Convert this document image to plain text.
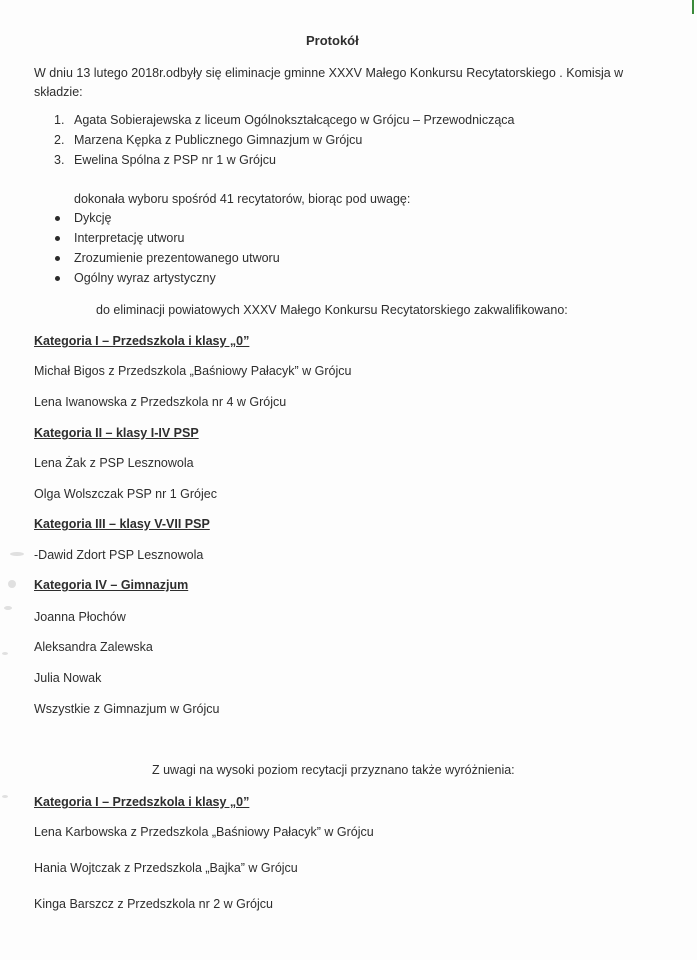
Protokół
W dniu 13 lutego 2018r.odbyły się eliminacje gminne XXXV Małego Konkursu Recytatorskiego . Komisja w
składzie:
1. Agata Sobierajewska z liceum Ogólnokształcącego w Grójcu – Przewodnicząca
2. Marzena Kępka z Publicznego Gimnazjum w Grójcu
3. Ewelina Spólna z PSP nr 1 w Grójcu
dokonała wyboru spośród 41 recytatorów, biorąc pod uwagę:
Dykcję
Interpretację utworu
Zrozumienie prezentowanego utworu
Ogólny wyraz artystyczny
do eliminacji powiatowych XXXV Małego Konkursu Recytatorskiego zakwalifikowano:
Kategoria I – Przedszkola i klasy „0”
Michał Bigos z Przedszkola „Baśniowy Pałacyk” w Grójcu
Lena Iwanowska z Przedszkola nr 4 w Grójcu
Kategoria II – klasy I-IV PSP
Lena Żak z PSP Lesznowola
Olga Wolszczak PSP nr 1 Grójec
Kategoria III – klasy V-VII PSP
-Dawid Zdort PSP Lesznowola
Kategoria IV – Gimnazjum
Joanna Płochów
Aleksandra Zalewska
Julia Nowak
Wszystkie z Gimnazjum w Grójcu
Z uwagi na wysoki poziom recytacji przyznano także wyróżnienia:
Kategoria I – Przedszkola i klasy „0”
Lena Karbowska z Przedszkola „Baśniowy Pałacyk” w Grójcu
Hania Wojtczak z Przedszkola „Bajka” w Grójcu
Kinga Barszcz z Przedszkola nr 2 w Grójcu
